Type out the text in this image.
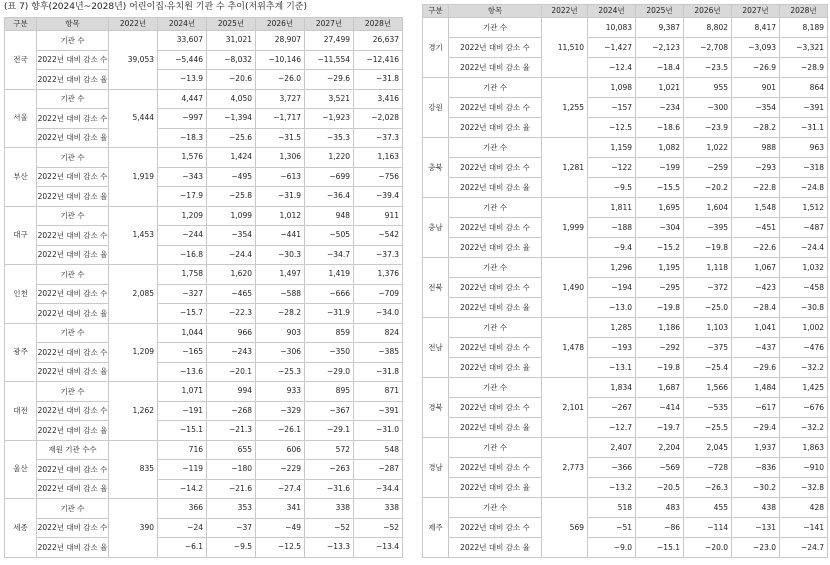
(표 7) 향후(2024년~2028년) 어린이집·유치원 기관 수 추이(저위추계 기준)
구분	항목	2022년	2024년	2025년	2026년	2027년	2028년
전국	기관 수	39,053	33,607	31,021	28,907	27,499	26,637
	2022년 대비 감소 수		−5,446	−8,032	−10,146	−11,554	−12,416
	2022년 대비 감소 율		−13.9	−20.6	−26.0	−29.6	−31.8
서울	기관 수	5,444	4,447	4,050	3,727	3,521	3,416
	2022년 대비 감소 수		−997	−1,394	−1,717	−1,923	−2,028
	2022년 대비 감소 율		−18.3	−25.6	−31.5	−35.3	−37.3
부산	기관 수	1,919	1,576	1,424	1,306	1,220	1,163
	2022년 대비 감소 수		−343	−495	−613	−699	−756
	2022년 대비 감소 율		−17.9	−25.8	−31.9	−36.4	−39.4
대구	기관 수	1,453	1,209	1,099	1,012	948	911
	2022년 대비 감소 수		−244	−354	−441	−505	−542
	2022년 대비 감소 율		−16.8	−24.4	−30.3	−34.7	−37.3
인천	기관 수	2,085	1,758	1,620	1,497	1,419	1,376
	2022년 대비 감소 수		−327	−465	−588	−666	−709
	2022년 대비 감소 율		−15.7	−22.3	−28.2	−31.9	−34.0
광주	기관 수	1,209	1,044	966	903	859	824
	2022년 대비 감소 수		−165	−243	−306	−350	−385
	2022년 대비 감소 율		−13.6	−20.1	−25.3	−29.0	−31.8
대전	기관 수	1,262	1,071	994	933	895	871
	2022년 대비 감소 수		−191	−268	−329	−367	−391
	2022년 대비 감소 율		−15.1	−21.3	−26.1	−29.1	−31.0
울산	재원 기관 수수	835	716	655	606	572	548
	2022년 대비 감소 수		−119	−180	−229	−263	−287
	2022년 대비 감소 율		−14.2	−21.6	−27.4	−31.6	−34.4
세종	기관 수	390	366	353	341	338	338
	2022년 대비 감소 수		−24	−37	−49	−52	−52
	2022년 대비 감소 율		−6.1	−9.5	−12.5	−13.3	−13.4
구분	항목	2022년	2024년	2025년	2026년	2027년	2028년
경기	기관 수	11,510	10,083	9,387	8,802	8,417	8,189
	2022년 대비 감소 수		−1,427	−2,123	−2,708	−3,093	−3,321
	2022년 대비 감소 율		−12.4	−18.4	−23.5	−26.9	−28.9
강원	기관 수	1,255	1,098	1,021	955	901	864
	2022년 대비 감소 수		−157	−234	−300	−354	−391
	2022년 대비 감소 율		−12.5	−18.6	−23.9	−28.2	−31.1
충북	기관 수	1,281	1,159	1,082	1,022	988	963
	2022년 대비 감소 수		−122	−199	−259	−293	−318
	2022년 대비 감소 율		−9.5	−15.5	−20.2	−22.8	−24.8
충남	기관 수	1,999	1,811	1,695	1,604	1,548	1,512
	2022년 대비 감소 수		−188	−304	−395	−451	−487
	2022년 대비 감소 율		−9.4	−15.2	−19.8	−22.6	−24.4
전북	기관 수	1,490	1,296	1,195	1,118	1,067	1,032
	2022년 대비 감소 수		−194	−295	−372	−423	−458
	2022년 대비 감소 율		−13.0	−19.8	−25.0	−28.4	−30.8
전남	기관 수	1,478	1,285	1,186	1,103	1,041	1,002
	2022년 대비 감소 수		−193	−292	−375	−437	−476
	2022년 대비 감소 율		−13.1	−19.8	−25.4	−29.6	−32.2
경북	기관 수	2,101	1,834	1,687	1,566	1,484	1,425
	2022년 대비 감소 수		−267	−414	−535	−617	−676
	2022년 대비 감소 율		−12.7	−19.7	−25.5	−29.4	−32.2
경남	기관 수	2,773	2,407	2,204	2,045	1,937	1,863
	2022년 대비 감소 수		−366	−569	−728	−836	−910
	2022년 대비 감소 율		−13.2	−20.5	−26.3	−30.2	−32.8
제주	기관 수	569	518	483	455	438	428
	2022년 대비 감소 수		−51	−86	−114	−131	−141
	2022년 대비 감소 율		−9.0	−15.1	−20.0	−23.0	−24.7
